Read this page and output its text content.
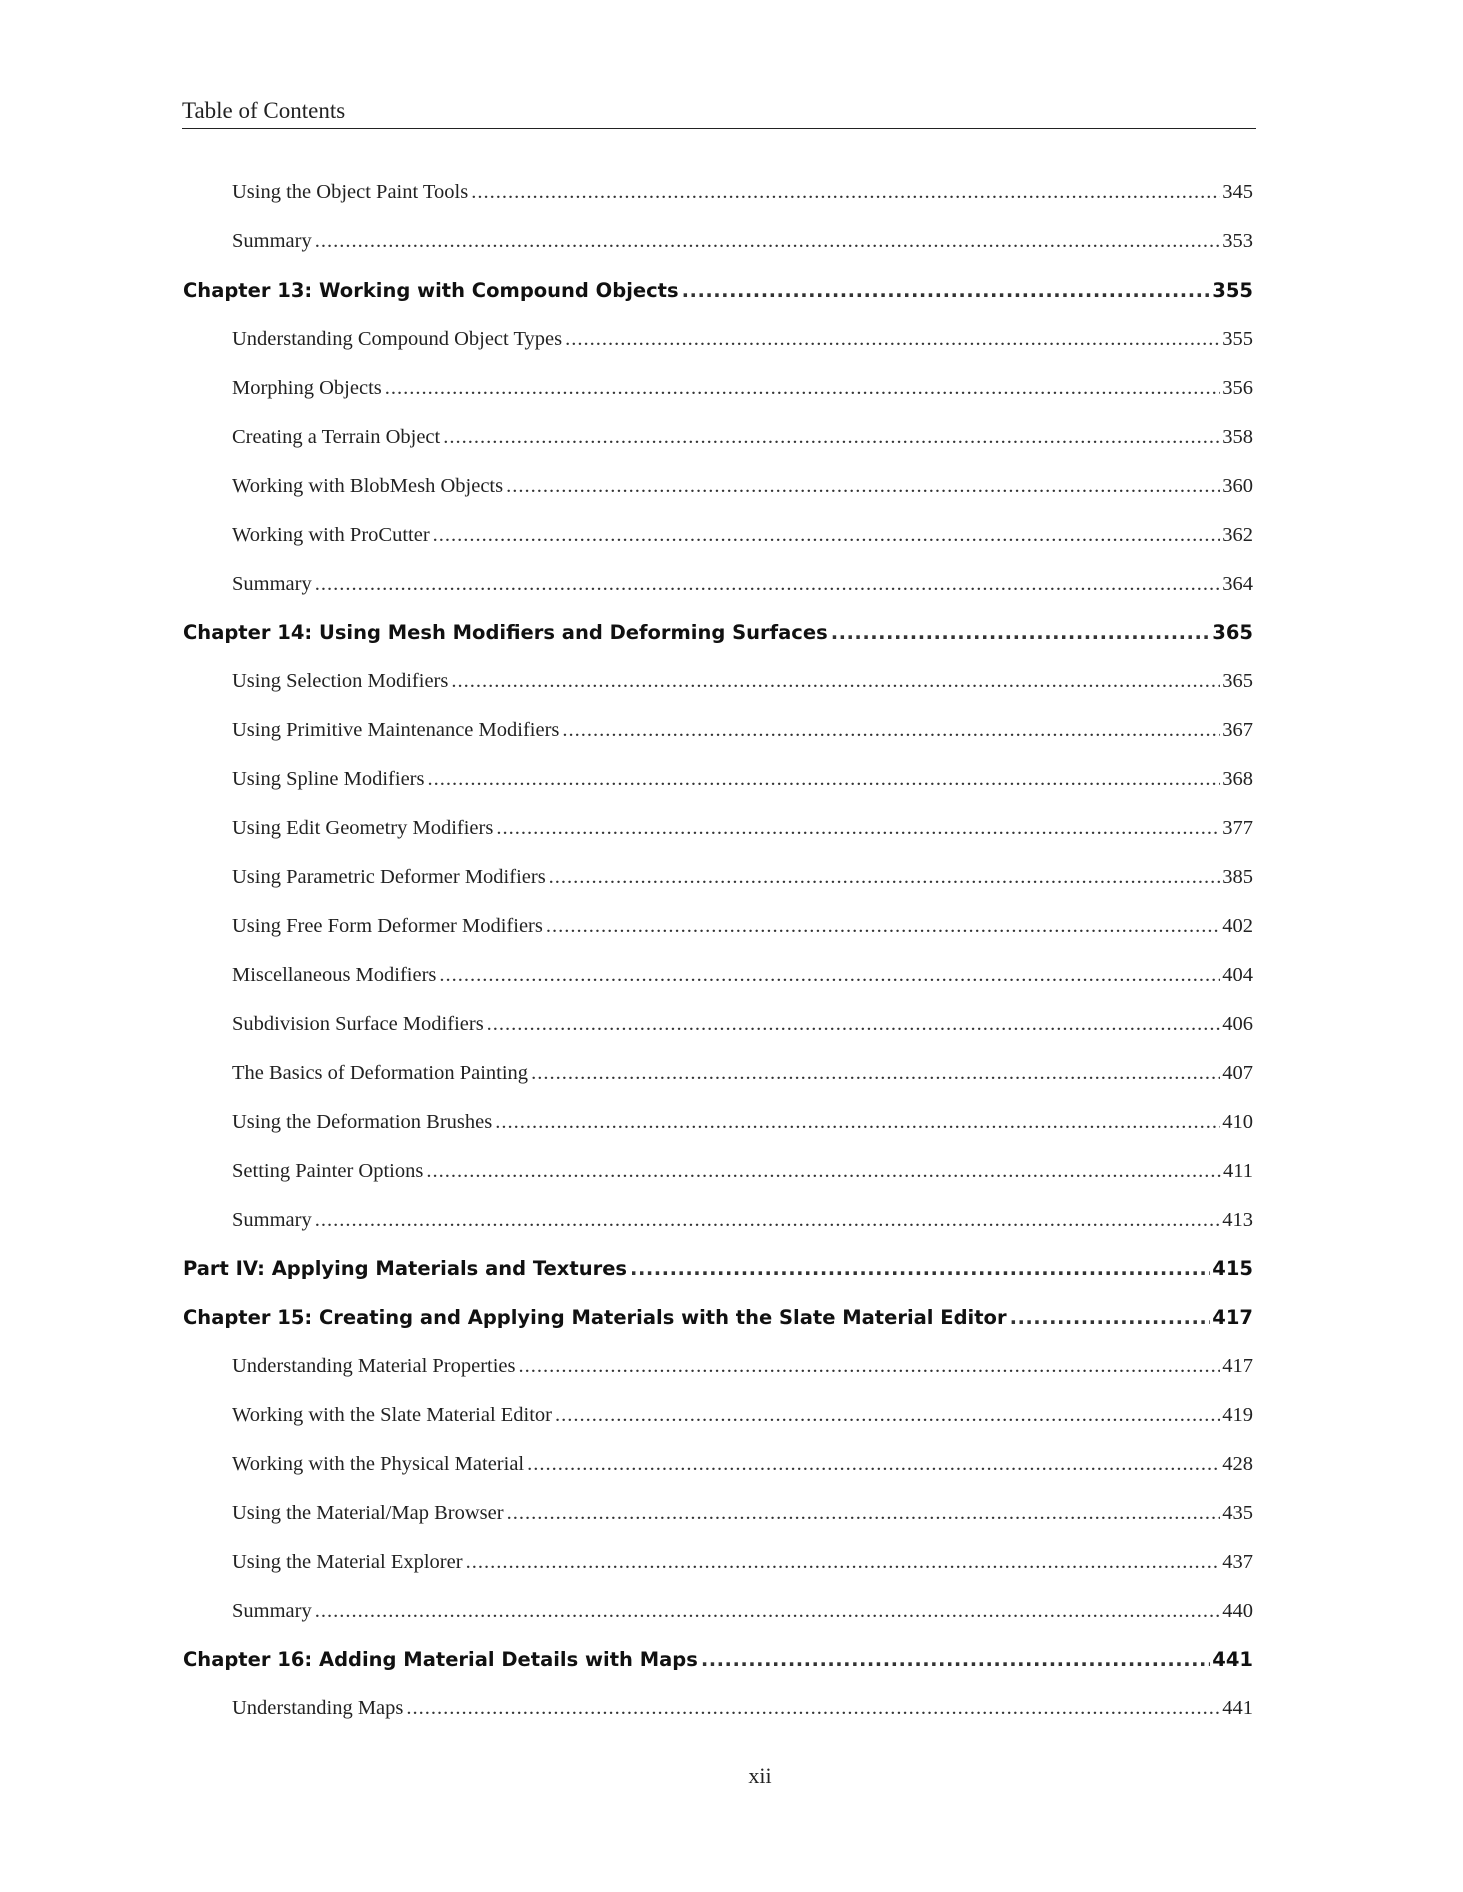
Table of Contents
Using the Object Paint Tools .....	345
Summary .....	353
Chapter 13: Working with Compound Objects .....	355
Understanding Compound Object Types .....	355
Morphing Objects .....	356
Creating a Terrain Object .....	358
Working with BlobMesh Objects .....	360
Working with ProCutter .....	362
Summary .....	364
Chapter 14: Using Mesh Modifiers and Deforming Surfaces .....	365
Using Selection Modifiers .....	365
Using Primitive Maintenance Modifiers .....	367
Using Spline Modifiers .....	368
Using Edit Geometry Modifiers .....	377
Using Parametric Deformer Modifiers .....	385
Using Free Form Deformer Modifiers .....	402
Miscellaneous Modifiers .....	404
Subdivision Surface Modifiers .....	406
The Basics of Deformation Painting .....	407
Using the Deformation Brushes .....	410
Setting Painter Options .....	411
Summary .....	413
Part IV: Applying Materials and Textures .....	415
Chapter 15: Creating and Applying Materials with the Slate Material Editor .....	417
Understanding Material Properties .....	417
Working with the Slate Material Editor .....	419
Working with the Physical Material .....	428
Using the Material/Map Browser .....	435
Using the Material Explorer .....	437
Summary .....	440
Chapter 16: Adding Material Details with Maps .....	441
Understanding Maps .....	441
xii
